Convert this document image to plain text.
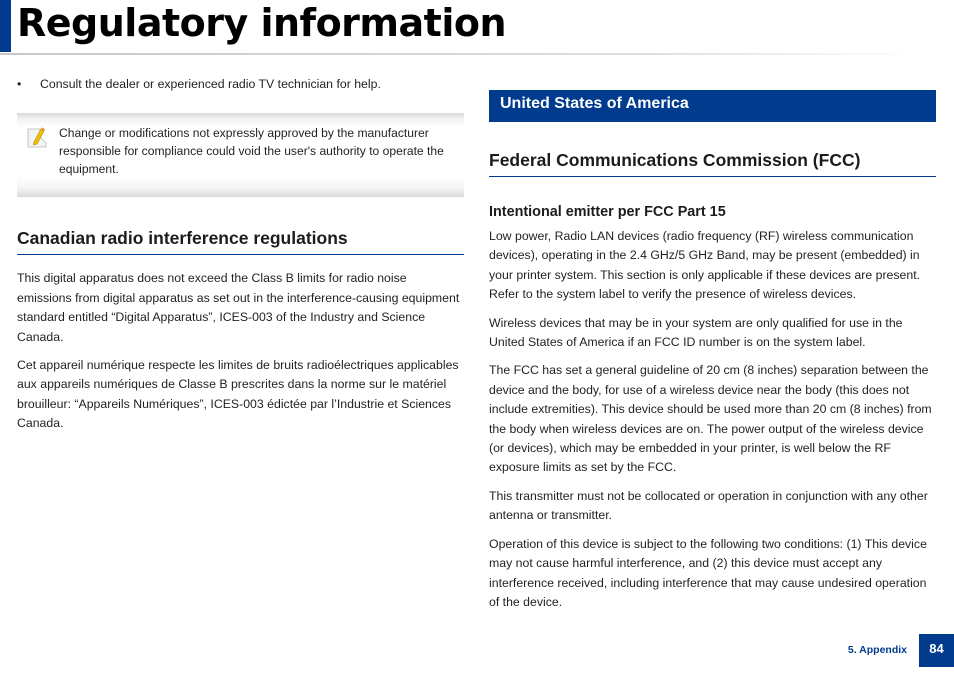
Regulatory information

• Consult the dealer or experienced radio TV technician for help.

Change or modifications not expressly approved by the manufacturer responsible for compliance could void the user's authority to operate the equipment.
Canadian radio interference regulations

This digital apparatus does not exceed the Class B limits for radio noise emissions from digital apparatus as set out in the interference-causing equipment standard entitled “Digital Apparatus”, ICES-003 of the Industry and Science Canada.

Cet appareil numérique respecte les limites de bruits radioélectriques applicables aux appareils numériques de Classe B prescrites dans la norme sur le matériel brouilleur: “Appareils Numériques”, ICES-003 édictée par l’Industrie et Sciences Canada.

United States of America
Federal Communications Commission (FCC)
Intentional emitter per FCC Part 15

Low power, Radio LAN devices (radio frequency (RF) wireless communication devices), operating in the 2.4 GHz/5 GHz Band, may be present (embedded) in your printer system. This section is only applicable if these devices are present. Refer to the system label to verify the presence of wireless devices.

Wireless devices that may be in your system are only qualified for use in the United States of America if an FCC ID number is on the system label.

The FCC has set a general guideline of 20 cm (8 inches) separation between the device and the body, for use of a wireless device near the body (this does not include extremities). This device should be used more than 20 cm (8 inches) from the body when wireless devices are on. The power output of the wireless device (or devices), which may be embedded in your printer, is well below the RF exposure limits as set by the FCC.

This transmitter must not be collocated or operation in conjunction with any other antenna or transmitter.

Operation of this device is subject to the following two conditions: (1) This device may not cause harmful interference, and (2) this device must accept any interference received, including interference that may cause undesired operation of the device.

5. Appendix	84
